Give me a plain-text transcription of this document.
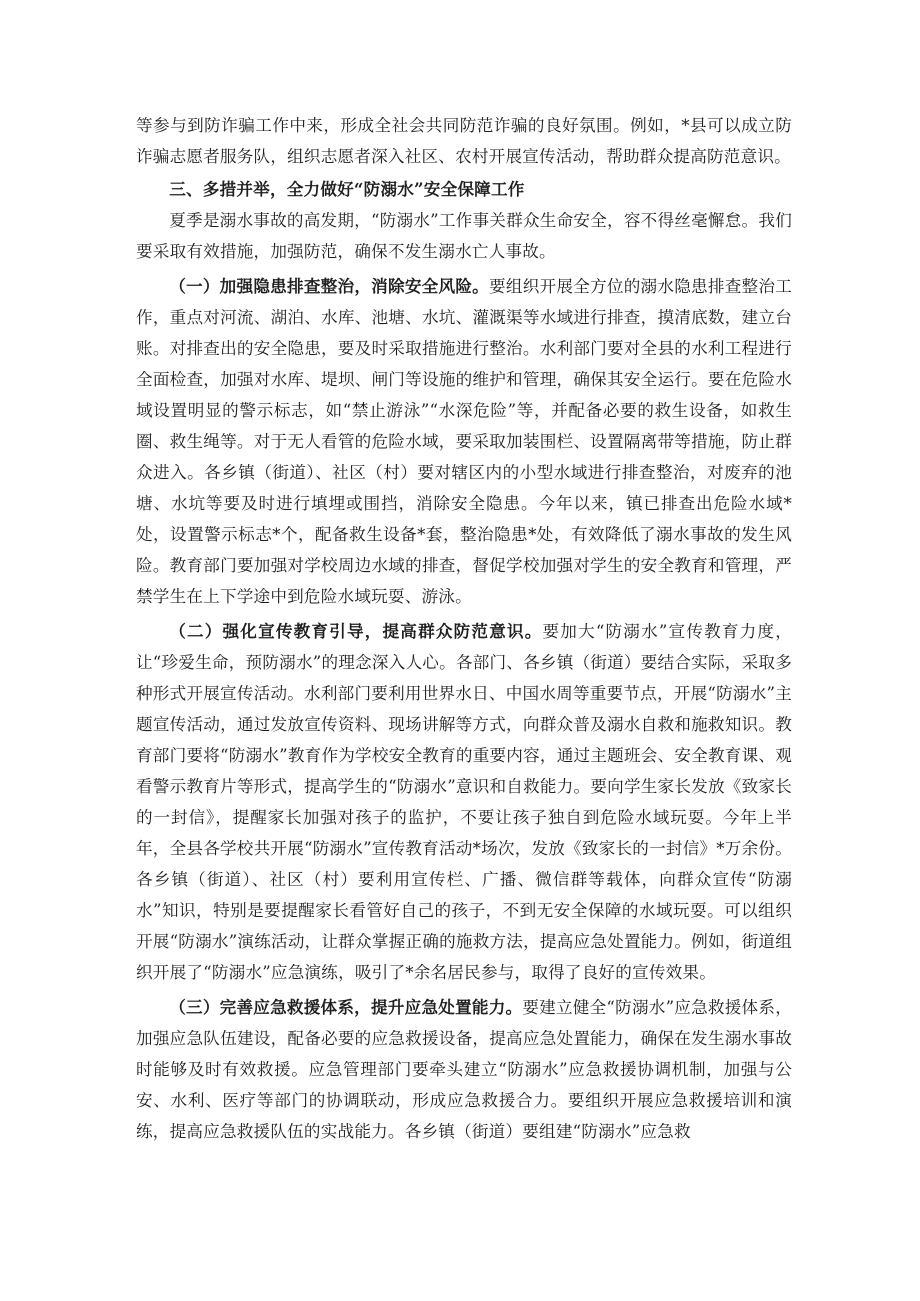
等参与到防诈骗工作中来，形成全社会共同防范诈骗的良好氛围。例如，*县可以成立防诈骗志愿者服务队，组织志愿者深入社区、农村开展宣传活动，帮助群众提高防范意识。

三、多措并举，全力做好“防溺水”安全保障工作

夏季是溺水事故的高发期，“防溺水”工作事关群众生命安全，容不得丝毫懈怠。我们要采取有效措施，加强防范，确保不发生溺水亡人事故。

（一）加强隐患排查整治，消除安全风险。要组织开展全方位的溺水隐患排查整治工作，重点对河流、湖泊、水库、池塘、水坑、灌溉渠等水域进行排查，摸清底数，建立台账。对排查出的安全隐患，要及时采取措施进行整治。水利部门要对全县的水利工程进行全面检查，加强对水库、堤坝、闸门等设施的维护和管理，确保其安全运行。要在危险水域设置明显的警示标志，如“禁止游泳”“水深危险”等，并配备必要的救生设备，如救生圈、救生绳等。对于无人看管的危险水域，要采取加装围栏、设置隔离带等措施，防止群众进入。各乡镇（街道）、社区（村）要对辖区内的小型水域进行排查整治，对废弃的池塘、水坑等要及时进行填埋或围挡，消除安全隐患。今年以来，镇已排查出危险水域*处，设置警示标志*个，配备救生设备*套，整治隐患*处，有效降低了溺水事故的发生风险。教育部门要加强对学校周边水域的排查，督促学校加强对学生的安全教育和管理，严禁学生在上下学途中到危险水域玩耍、游泳。

（二）强化宣传教育引导，提高群众防范意识。要加大“防溺水”宣传教育力度，让“珍爱生命，预防溺水”的理念深入人心。各部门、各乡镇（街道）要结合实际，采取多种形式开展宣传活动。水利部门要利用世界水日、中国水周等重要节点，开展“防溺水”主题宣传活动，通过发放宣传资料、现场讲解等方式，向群众普及溺水自救和施救知识。教育部门要将“防溺水”教育作为学校安全教育的重要内容，通过主题班会、安全教育课、观看警示教育片等形式，提高学生的“防溺水”意识和自救能力。要向学生家长发放《致家长的一封信》，提醒家长加强对孩子的监护，不要让孩子独自到危险水域玩耍。今年上半年，全县各学校共开展“防溺水”宣传教育活动*场次，发放《致家长的一封信》*万余份。各乡镇（街道）、社区（村）要利用宣传栏、广播、微信群等载体，向群众宣传“防溺水”知识，特别是要提醒家长看管好自己的孩子，不到无安全保障的水域玩耍。可以组织开展“防溺水”演练活动，让群众掌握正确的施救方法，提高应急处置能力。例如，街道组织开展了“防溺水”应急演练，吸引了*余名居民参与，取得了良好的宣传效果。

（三）完善应急救援体系，提升应急处置能力。要建立健全“防溺水”应急救援体系，加强应急队伍建设，配备必要的应急救援设备，提高应急处置能力，确保在发生溺水事故时能够及时有效救援。应急管理部门要牵头建立“防溺水”应急救援协调机制，加强与公安、水利、医疗等部门的协调联动，形成应急救援合力。要组织开展应急救援培训和演练，提高应急救援队伍的实战能力。各乡镇（街道）要组建“防溺水”应急救
